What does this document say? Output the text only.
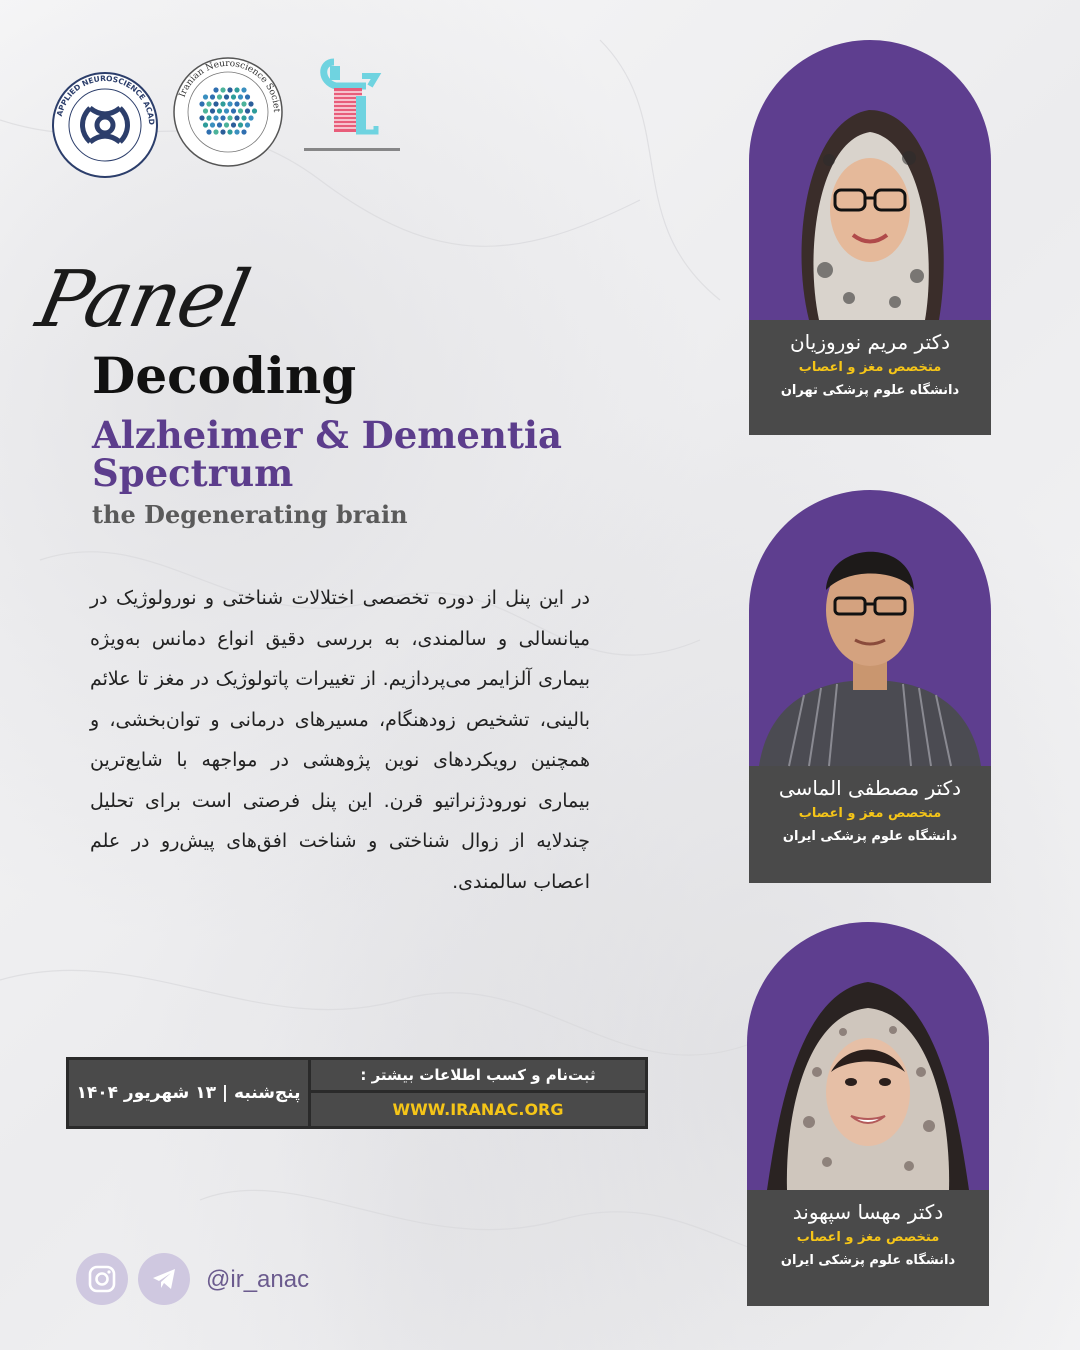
APPLIED NEUROSCIENCE ACAD
Iranian Neuroscience Societ
Panel
Decoding
Alzheimer & Dementia Spectrum
the Degenerating brain
در این پنل از دوره تخصصی اختلالات شناختی و نورولوژیک در میانسالی و سالمندی، به بررسی دقیق انواع دمانس به‌ویژه بیماری آلزایمر می‌پردازیم. از تغییرات پاتولوژیک در مغز تا علائم بالینی، تشخیص زودهنگام، مسیرهای درمانی و توان‌بخشی، و همچنین رویکردهای نوین پژوهشی در مواجهه با شایع‌ترین بیماری نورودژنراتیو قرن. این پنل فرصتی است برای تحلیل چندلایه از زوال شناختی و شناخت افق‌های پیش‌رو در علم اعصاب سالمندی.
پنج‌شنبه | ۱۳ شهریور ۱۴۰۴
ثبت‌نام و کسب اطلاعات بیشتر :
WWW.IRANAC.ORG
@ir_anac
دکتر مریم نوروزیان
متخصص مغز و اعصاب
دانشگاه علوم پزشکی تهران
دکتر مصطفی الماسی
متخصص مغز و اعصاب
دانشگاه علوم پزشکی ایران
دکتر مهسا سپهوند
متخصص مغز و اعصاب
دانشگاه علوم پزشکی ایران
